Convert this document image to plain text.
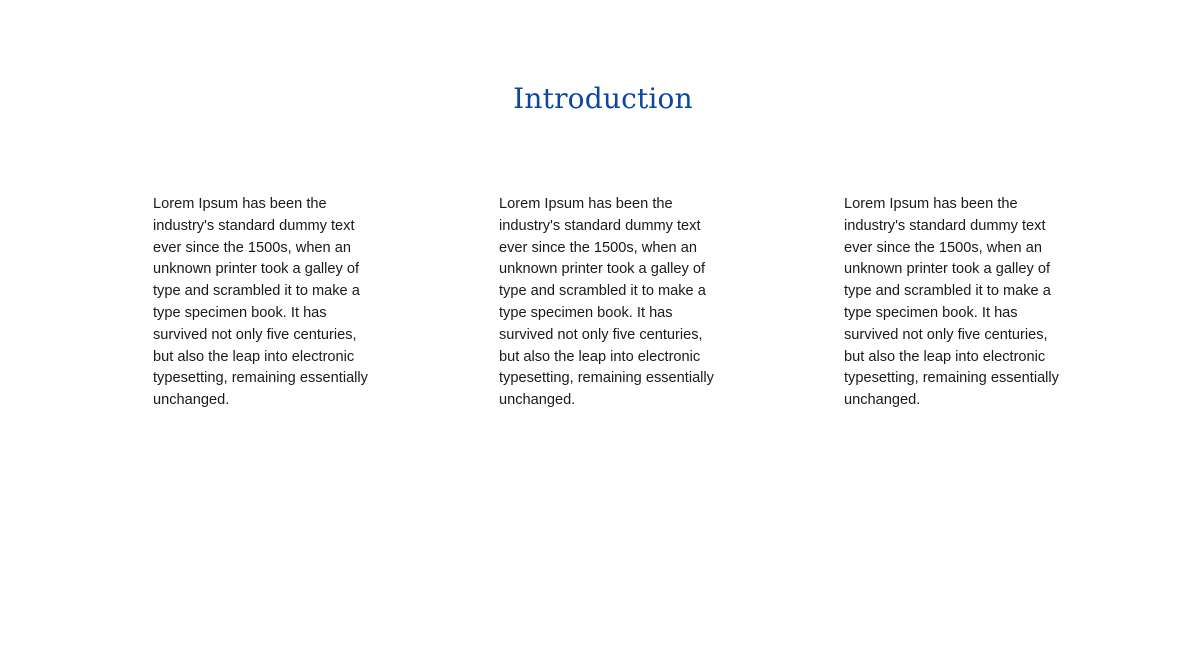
Introduction

Lorem Ipsum has been the industry's standard dummy text ever since the 1500s, when an unknown printer took a galley of type and scrambled it to make a type specimen book. It has survived not only five centuries, but also the leap into electronic typesetting, remaining essentially unchanged.

Lorem Ipsum has been the industry's standard dummy text ever since the 1500s, when an unknown printer took a galley of type and scrambled it to make a type specimen book. It has survived not only five centuries, but also the leap into electronic typesetting, remaining essentially unchanged.

Lorem Ipsum has been the industry's standard dummy text ever since the 1500s, when an unknown printer took a galley of type and scrambled it to make a type specimen book. It has survived not only five centuries, but also the leap into electronic typesetting, remaining essentially unchanged.
